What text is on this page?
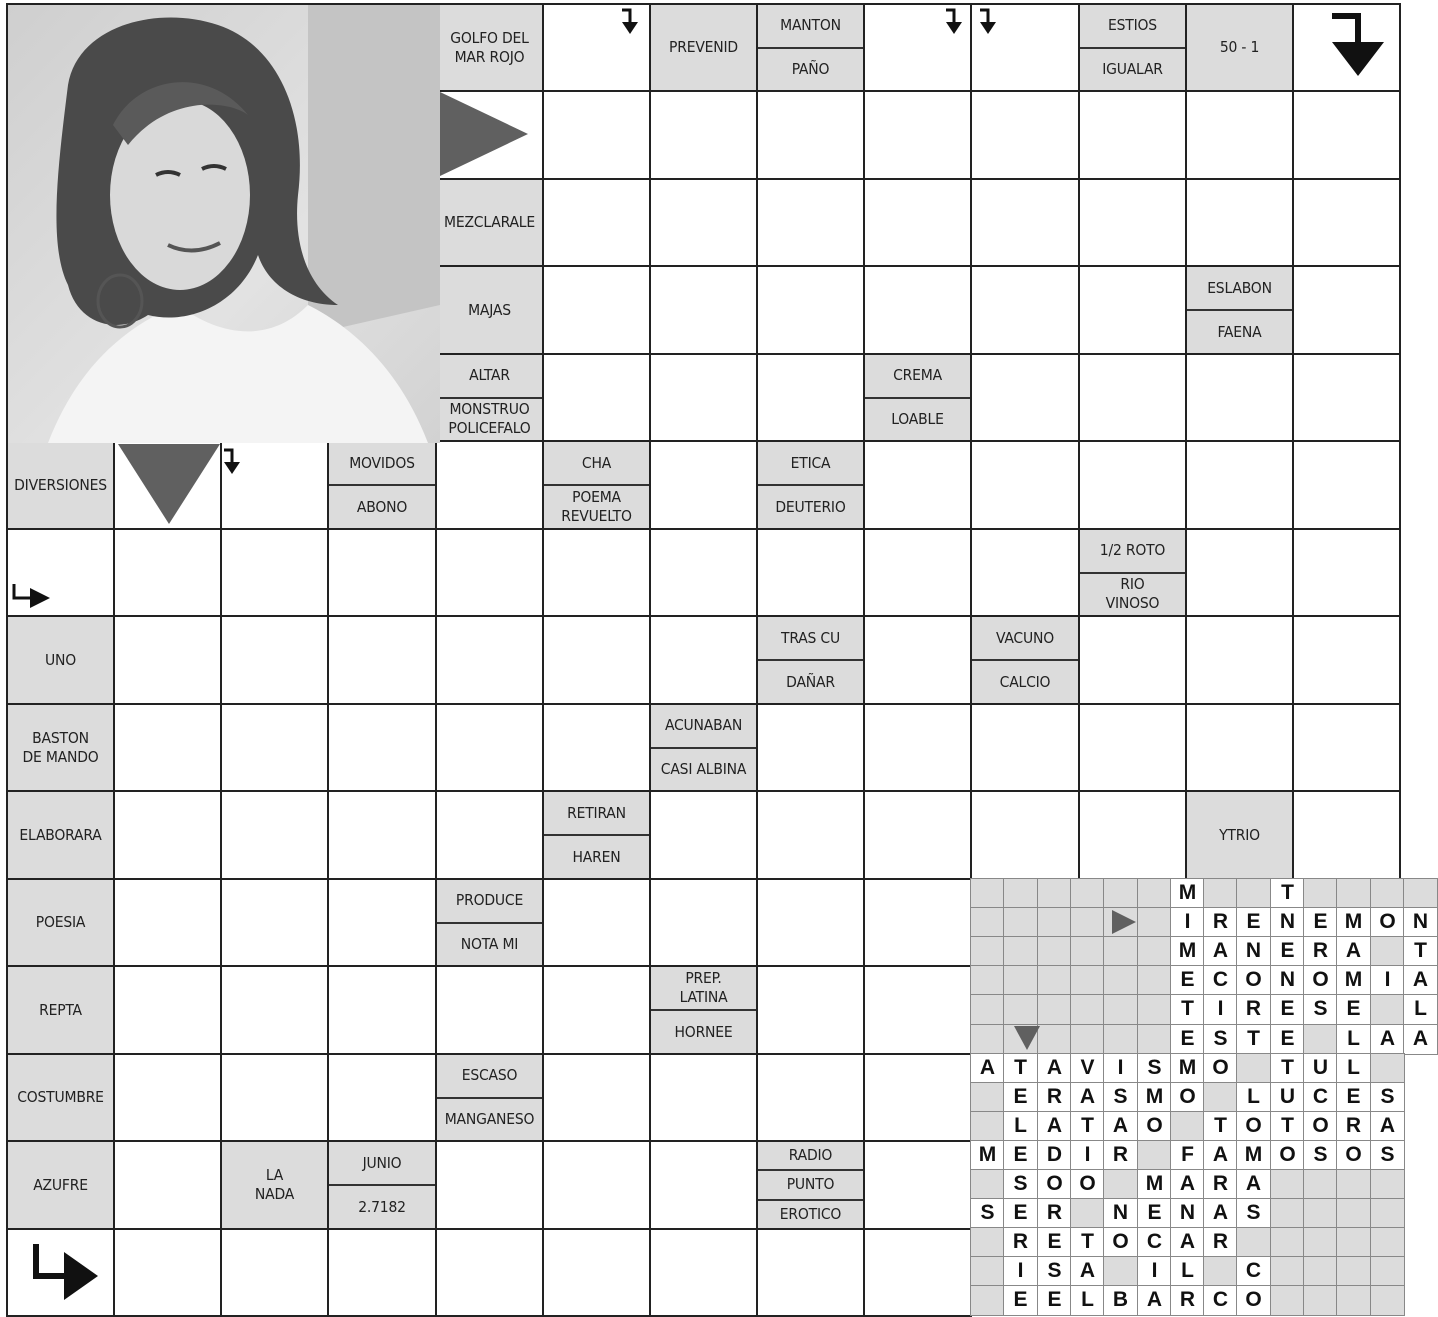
GOLFO DEL
MAR ROJO
PREVENID
MANTON
PAÑO
ESTIOS
IGUALAR
50 - 1
MEZCLARALE
MAJAS
ESLABON
FAENA
ALTAR
MONSTRUO
POLICEFALO
CREMA
LOABLE
DIVERSIONES
MOVIDOS
ABONO
CHA
POEMA
REVUELTO
ETICA
DEUTERIO
1/2 ROTO
RIO
VINOSO
UNO
TRAS CU
DAÑAR
VACUNO
CALCIO
BASTON
DE MANDO
ACUNABAN
CASI ALBINA
ELABORARA
RETIRAN
HAREN
YTRIO
POESIA
PRODUCE
NOTA MI
REPTA
PREP.
LATINA
HORNEE
COSTUMBRE
ESCASO
MANGANESO
AZUFRE
LA
NADA
JUNIO
2.7182
RADIO
PUNTO
EROTICO
M	T
I	R E N E M O N
M A N E R A	T
E C O N O M	I	A
T	I	R E S E	L
E S T E	L A A
A T A V	I	S M O	T U L
E R A S M O	L U C E S
L A T A O	T O T O R A
M E D	I	R	F A M O S O S
S O O	M A R A
S E R	N E N A S
R E T O C A R
I	S A	I	L	C
E E L B A R C O
